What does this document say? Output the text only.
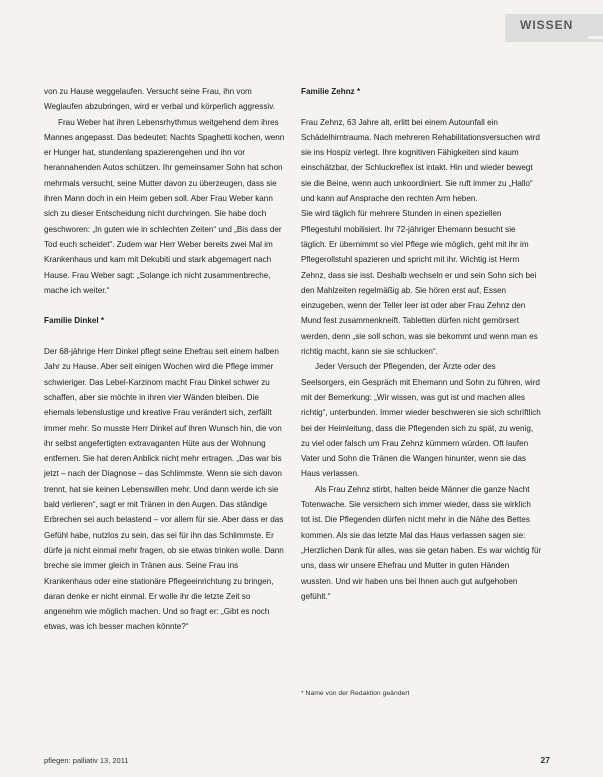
WISSEN

von zu Hause weggelaufen. Versucht seine Frau, ihn vom Weglaufen abzubringen, wird er verbal und körperlich aggressiv.

Frau Weber hat ihren Lebensrhythmus weitgehend dem ihres Mannes angepasst. Das bedeutet: Nachts Spaghetti kochen, wenn er Hunger hat, stundenlang spazierengehen und ihn vor herannahenden Autos schützen. Ihr gemeinsamer Sohn hat schon mehrmals versucht, seine Mutter davon zu überzeugen, dass sie ihren Mann doch in ein Heim geben soll. Aber Frau Weber kann sich zu dieser Entscheidung nicht durchringen. Sie habe doch geschworen: „In guten wie in schlechten Zeiten“ und „Bis dass der Tod euch scheidet“. Zudem war Herr Weber bereits zwei Mal im Krankenhaus und kam mit Dekubiti und stark abgemagert nach Hause. Frau Weber sagt: „Solange ich nicht zusammenbreche, mache ich weiter.“

Familie Dinkel *

Der 68-jährige Herr Dinkel pflegt seine Ehefrau seit einem halben Jahr zu Hause. Aber seit einigen Wochen wird die Pflege immer schwieriger. Das Lebel-Karzinom macht Frau Dinkel schwer zu schaffen, aber sie möchte in ihren vier Wänden bleiben. Die ehemals lebenslustige und kreative Frau verändert sich, zerfällt immer mehr. So musste Herr Dinkel auf ihren Wunsch hin, die von ihr selbst angefertigten extravaganten Hüte aus der Wohnung entfernen. Sie hat deren Anblick nicht mehr ertragen. „Das war bis jetzt – nach der Diagnose – das Schlimmste. Wenn sie sich davon trennt, hat sie keinen Lebenswillen mehr. Und dann werde ich sie bald verlieren“, sagt er mit Tränen in den Augen. Das ständige Erbrechen sei auch belastend – vor allem für sie. Aber dass er das Gefühl habe, nutzlos zu sein, das sei für ihn das Schlimmste. Er dürfe ja nicht einmal mehr fragen, ob sie etwas trinken wolle. Dann breche sie immer gleich in Tränen aus. Seine Frau ins Krankenhaus oder eine stationäre Pflegeeinrichtung zu bringen, daran denke er nicht einmal. Er wolle ihr die letzte Zeit so angenehm wie möglich machen. Und so fragt er: „Gibt es noch etwas, was ich besser machen könnte?“

Familie Zehnz *

Frau Zehnz, 63 Jahre alt, erlitt bei einem Autounfall ein Schädelhirntrauma. Nach mehreren Rehabilitationsversuchen wird sie ins Hospiz verlegt. Ihre kognitiven Fähigkeiten sind kaum einschätzbar, der Schluckreflex ist intakt. Hin und wieder bewegt sie die Beine, wenn auch unkoordiniert. Sie ruft immer zu „Hallo“ und kann auf Ansprache den rechten Arm heben.

Sie wird täglich für mehrere Stunden in einen speziellen Pflegestuhl mobilisiert. Ihr 72-jähriger Ehemann besucht sie täglich. Er übernimmt so viel Pflege wie möglich, geht mit ihr im Pflegerollstuhl spazieren und spricht mit ihr. Wichtig ist Herrn Zehnz, dass sie isst. Deshalb wechseln er und sein Sohn sich bei den Mahlzeiten regelmäßig ab. Sie hören erst auf, Essen einzugeben, wenn der Teller leer ist oder aber Frau Zehnz den Mund fest zusammenkneift. Tabletten dürfen nicht gemörsert werden, denn „sie soll schon, was sie bekommt und wenn man es richtig macht, kann sie sie schlucken“.

Jeder Versuch der Pflegenden, der Ärzte oder des Seelsorgers, ein Gespräch mit Ehemann und Sohn zu führen, wird mit der Bemerkung: „Wir wissen, was gut ist und machen alles richtig“, unterbunden. Immer wieder beschweren sie sich schriftlich bei der Heimleitung, dass die Pflegenden sich zu spät, zu wenig, zu viel oder falsch um Frau Zehnz kümmern würden. Oft laufen Vater und Sohn die Tränen die Wangen hinunter, wenn sie das Haus verlassen.

Als Frau Zehnz stirbt, halten beide Männer die ganze Nacht Totenwache. Sie versichern sich immer wieder, dass sie wirklich tot ist. Die Pflegenden dürfen nicht mehr in die Nähe des Bettes kommen. Als sie das letzte Mal das Haus verlassen sagen sie: „Herzlichen Dank für alles, was sie getan haben. Es war wichtig für uns, dass wir unsere Ehefrau und Mutter in guten Händen wussten. Und wir haben uns bei Ihnen auch gut aufgehoben gefühlt.“

* Name von der Redaktion geändert
pflegen: palliativ 13, 2011	27
